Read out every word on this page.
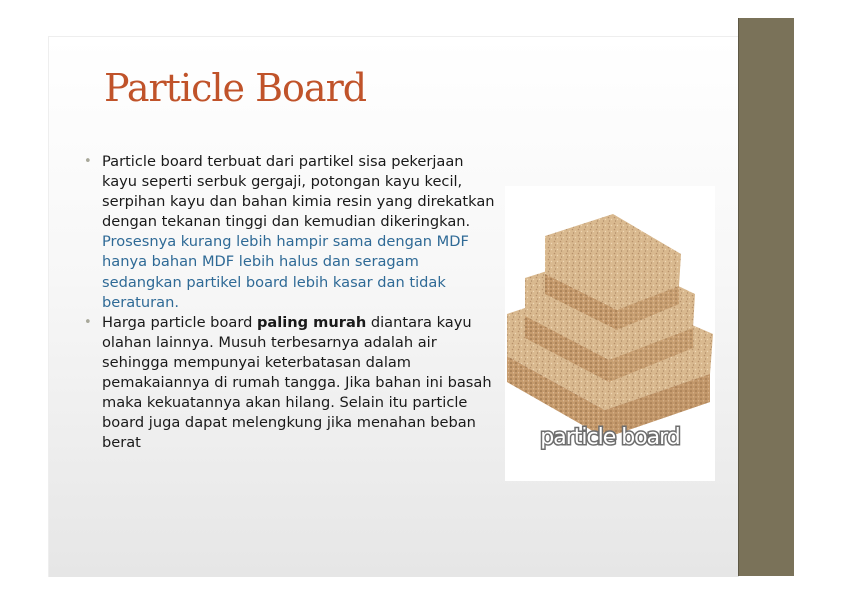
Particle Board
• Particle board terbuat dari partikel sisa pekerjaan kayu seperti serbuk gergaji, potongan kayu kecil, serpihan kayu dan bahan kimia resin yang direkatkan dengan tekanan tinggi dan kemudian dikeringkan. Prosesnya kurang lebih hampir sama dengan MDF hanya bahan MDF lebih halus dan seragam sedangkan partikel board lebih kasar dan tidak beraturan.
• Harga particle board paling murah diantara kayu olahan lainnya. Musuh terbesarnya adalah air sehingga mempunyai keterbatasan dalam pemakaiannya di rumah tangga. Jika bahan ini basah maka kekuatannya akan hilang. Selain itu particle board juga dapat melengkung jika menahan beban berat	particle board
